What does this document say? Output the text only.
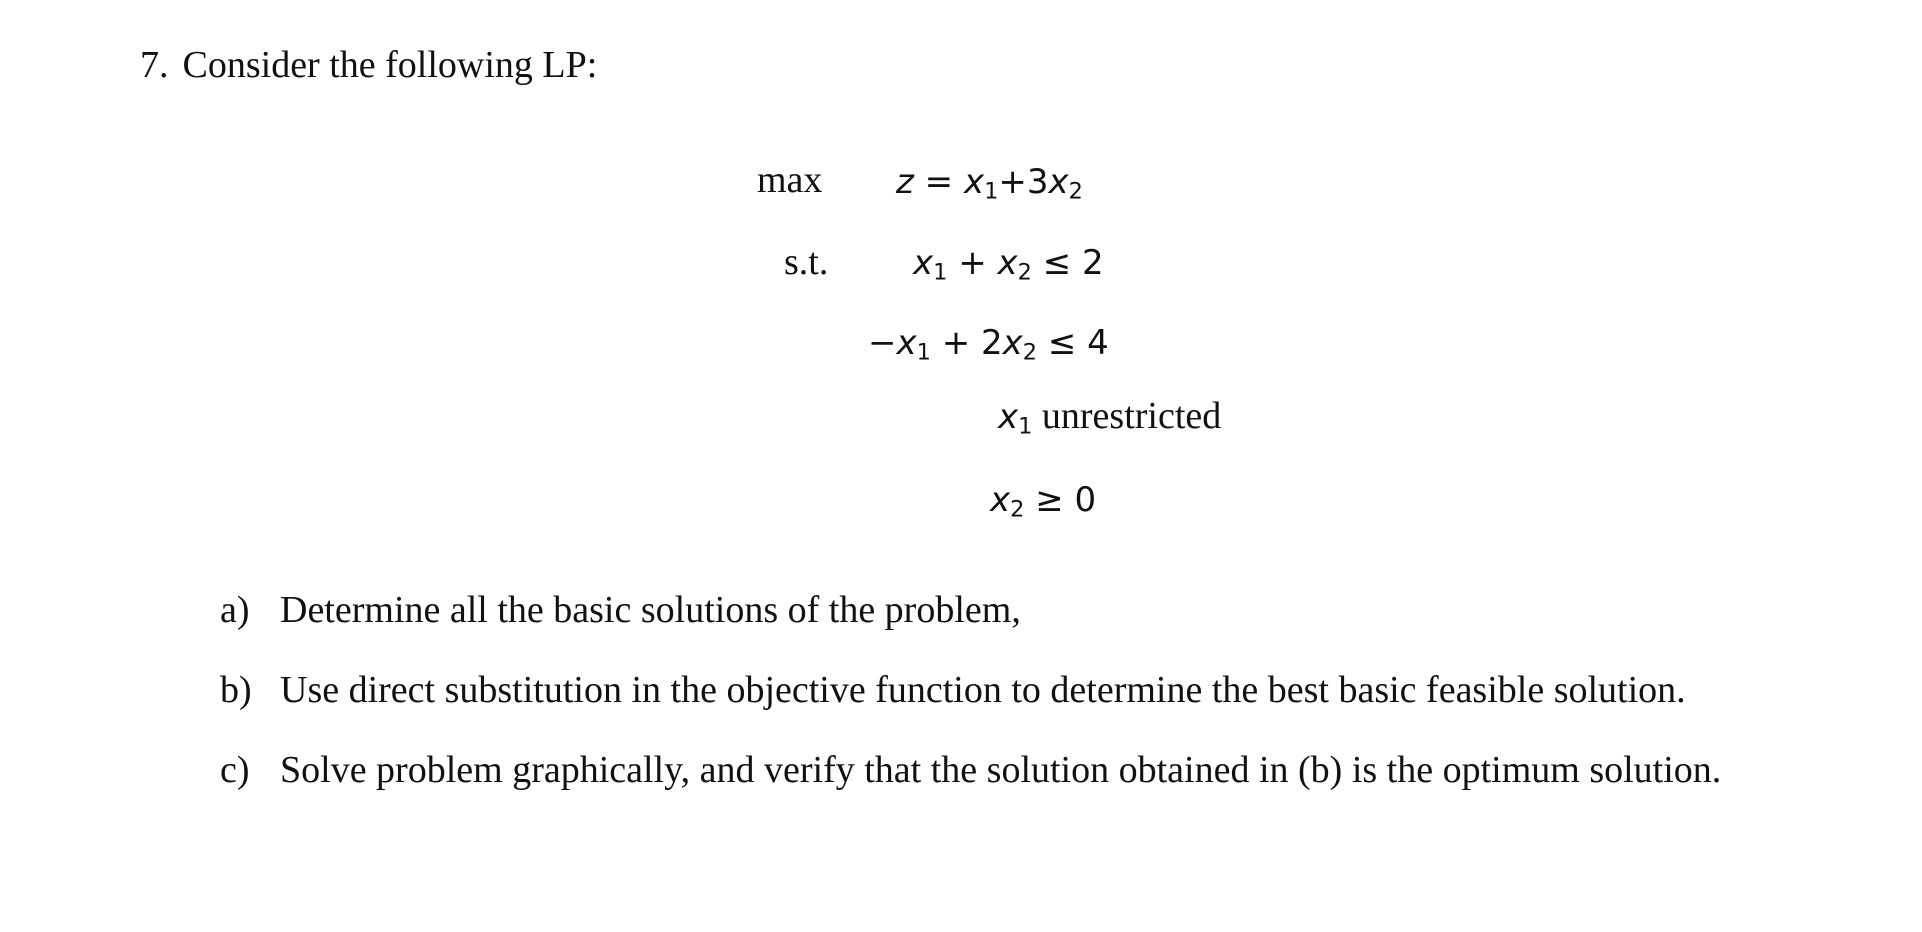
7. Consider the following LP:
$\max z = x_1+3x_2$
s.t. $x_1 + x_2 \le 2$
$-x_1 + 2x_2 \le 4$
$x_1$ unrestricted
$x_2 \ge 0$
a) Determine all the basic solutions of the problem,
b) Use direct substitution in the objective function to determine the best basic feasible solution.
c) Solve problem graphically, and verify that the solution obtained in (b) is the optimum solution.
